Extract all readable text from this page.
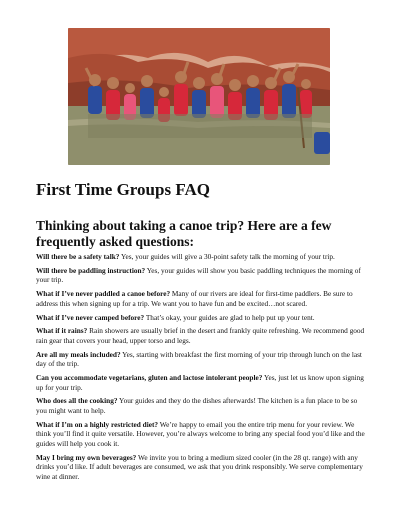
First Time Groups FAQ
Thinking about taking a canoe trip? Here are a few frequently asked questions:

Will there be a safety talk? Yes, your guides will give a 30-point safety talk the morning of your trip.

Will there be paddling instruction? Yes, your guides will show you basic paddling techniques the morning of your trip.

What if I’ve never paddled a canoe before? Many of our rivers are ideal for first-time paddlers. Be sure to address this when signing up for a trip. We want you to have fun and be excited…not scared.

What if I’ve never camped before? That’s okay, your guides are glad to help put up your tent.

What if it rains? Rain showers are usually brief in the desert and frankly quite refreshing. We recommend good rain gear that covers your head, upper torso and legs.

Are all my meals included? Yes, starting with breakfast the first morning of your trip through lunch on the last day of the trip.

Can you accommodate vegetarians, gluten and lactose intolerant people? Yes, just let us know upon signing up for your trip.

Who does all the cooking? Your guides and they do the dishes afterwards! The kitchen is a fun place to be so you might want to help.

What if I’m on a highly restricted diet? We’re happy to email you the entire trip menu for your review. We think you’ll find it quite versatile. However, you’re always welcome to bring any special food you’d like and the guides will help you cook it.

May I bring my own beverages? We invite you to bring a medium sized cooler (in the 28 qt. range) with any drinks you’d like. If adult beverages are consumed, we ask that you drink responsibly. We serve complementary wine at dinner.
